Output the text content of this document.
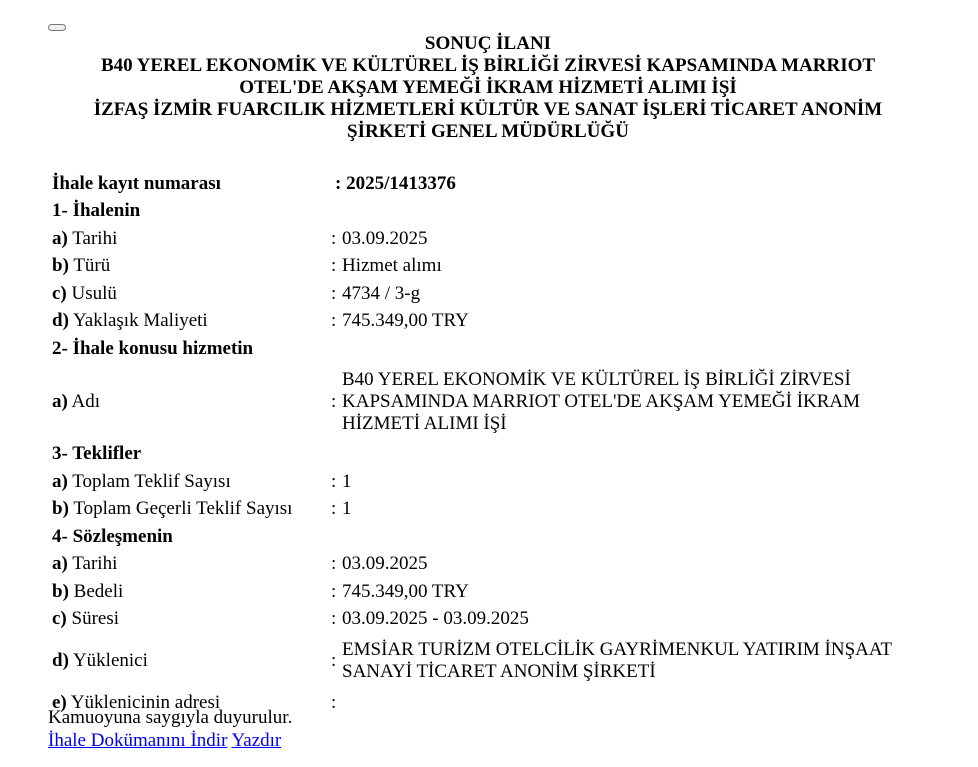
SONUÇ İLANI
B40 YEREL EKONOMİK VE KÜLTÜREL İŞ BİRLİĞİ ZİRVESİ KAPSAMINDA MARRIOT
OTEL'DE AKŞAM YEMEĞİ İKRAM HİZMETİ ALIMI İŞİ
İZFAŞ İZMİR FUARCILIK HİZMETLERİ KÜLTÜR VE SANAT İŞLERİ TİCARET ANONİM
ŞİRKETİ GENEL MÜDÜRLÜĞÜ
İhale kayıt numarası	: 2025/1413376	
1- İhalenin		
a) Tarihi	:	03.09.2025
b) Türü	:	Hizmet alımı
c) Usulü	:	4734 / 3-g
d) Yaklaşık Maliyeti	:	745.349,00 TRY
2- İhale konusu hizmetin		
a) Adı	:	B40 YEREL EKONOMİK VE KÜLTÜREL İŞ BİRLİĞİ ZİRVESİ KAPSAMINDA MARRIOT OTEL'DE AKŞAM YEMEĞİ İKRAM HİZMETİ ALIMI İŞİ
3- Teklifler		
a) Toplam Teklif Sayısı	:	1
b) Toplam Geçerli Teklif Sayısı	:	1
4- Sözleşmenin		
a) Tarihi	:	03.09.2025
b) Bedeli	:	745.349,00 TRY
c) Süresi	:	03.09.2025 - 03.09.2025
d) Yüklenici	:	EMSİAR TURİZM OTELCİLİK GAYRİMENKUL YATIRIM İNŞAAT SANAYİ TİCARET ANONİM ŞİRKETİ
e) Yüklenicinin adresi	:	
Kamuoyuna saygıyla duyurulur.
İhale Dokümanını İndir Yazdır
